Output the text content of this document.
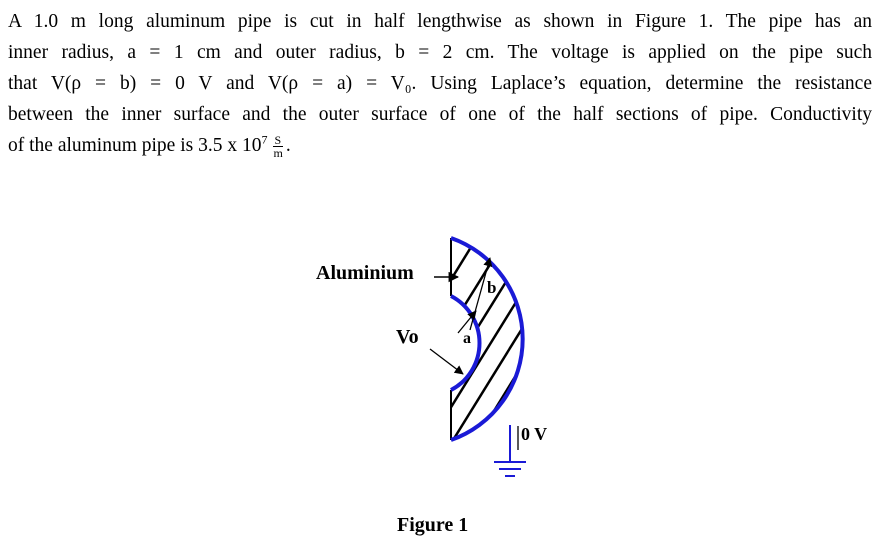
A 1.0 m long aluminum pipe is cut in half lengthwise as shown in Figure 1. The pipe has an
inner radius, a = 1 cm and outer radius, b = 2 cm. The voltage is applied on the pipe such
that V(ρ = b) = 0 V and V(ρ = a) = V₀. Using Laplace’s equation, determine the resistance
between the inner surface and the outer surface of one of the half sections of pipe. Conductivity
of the aluminum pipe is 3.5 x $10^7 \frac{S}{m}$ .
Aluminium
b
a
Vo
0 V
Figure 1
